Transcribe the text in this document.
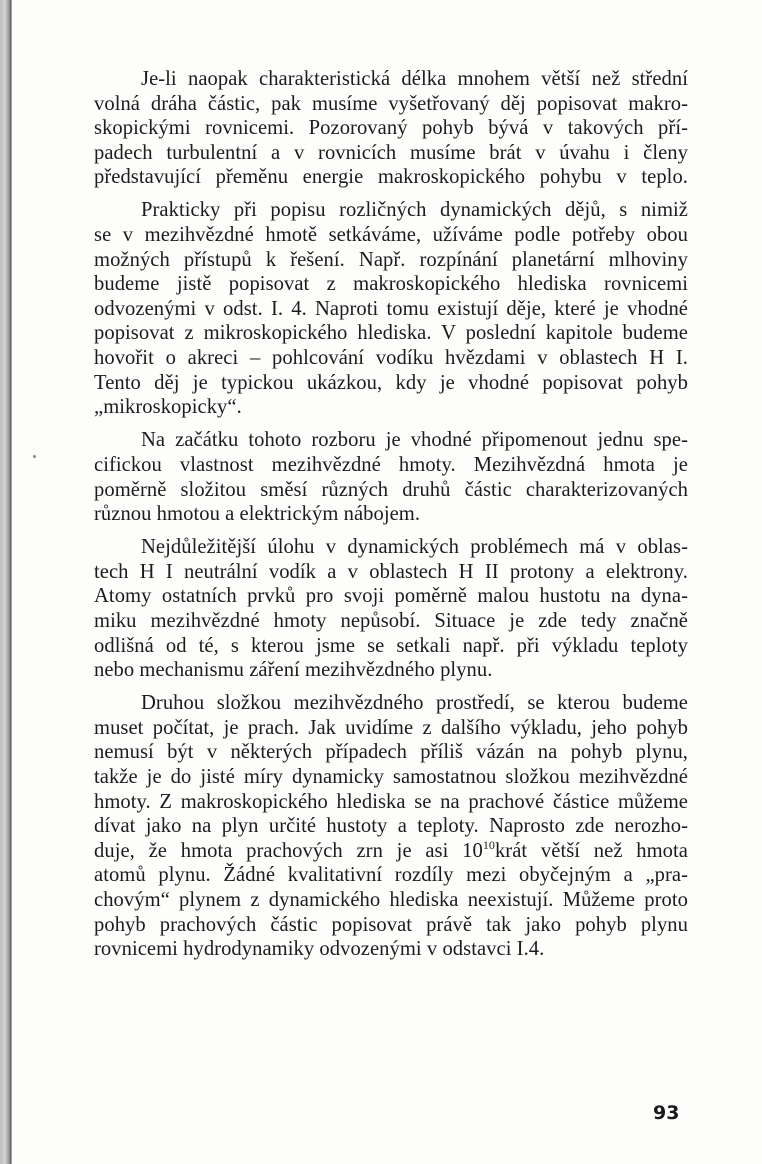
Je-li naopak charakteristická délka mnohem větší než střední
volná dráha částic, pak musíme vyšetřovaný děj popisovat makro-
skopickými rovnicemi. Pozorovaný pohyb bývá v takových pří-
padech turbulentní a v rovnicích musíme brát v úvahu i členy
představující přeměnu energie makroskopického pohybu v teplo.

Prakticky při popisu rozličných dynamických dějů, s nimiž
se v mezihvězdné hmotě setkáváme, užíváme podle potřeby obou
možných přístupů k řešení. Např. rozpínání planetární mlhoviny
budeme jistě popisovat z makroskopického hlediska rovnicemi
odvozenými v odst. I. 4. Naproti tomu existují děje, které je vhodné
popisovat z mikroskopického hlediska. V poslední kapitole budeme
hovořit o akreci – pohlcování vodíku hvězdami v oblastech H I.
Tento děj je typickou ukázkou, kdy je vhodné popisovat pohyb
„mikroskopicky“.

Na začátku tohoto rozboru je vhodné připomenout jednu spe-
cifickou vlastnost mezihvězdné hmoty. Mezihvězdná hmota je
poměrně složitou směsí různých druhů částic charakterizovaných
různou hmotou a elektrickým nábojem.

Nejdůležitější úlohu v dynamických problémech má v oblas-
tech H I neutrální vodík a v oblastech H II protony a elektrony.
Atomy ostatních prvků pro svoji poměrně malou hustotu na dyna-
miku mezihvězdné hmoty nepůsobí. Situace je zde tedy značně
odlišná od té, s kterou jsme se setkali např. při výkladu teploty
nebo mechanismu záření mezihvězdného plynu.

Druhou složkou mezihvězdného prostředí, se kterou budeme
muset počítat, je prach. Jak uvidíme z dalšího výkladu, jeho pohyb
nemusí být v některých případech příliš vázán na pohyb plynu,
takže je do jisté míry dynamicky samostatnou složkou mezihvězdné
hmoty. Z makroskopického hlediska se na prachové částice můžeme
dívat jako na plyn určité hustoty a teploty. Naprosto zde nerozho-
duje, že hmota prachových zrn je asi $10^{10}krát$ větší než hmota
atomů plynu. Žádné kvalitativní rozdíly mezi obyčejným a „pra-
chovým“ plynem z dynamického hlediska neexistují. Můžeme proto
pohyb prachových částic popisovat právě tak jako pohyb plynu
rovnicemi hydrodynamiky odvozenými v odstavci I.4.

93
